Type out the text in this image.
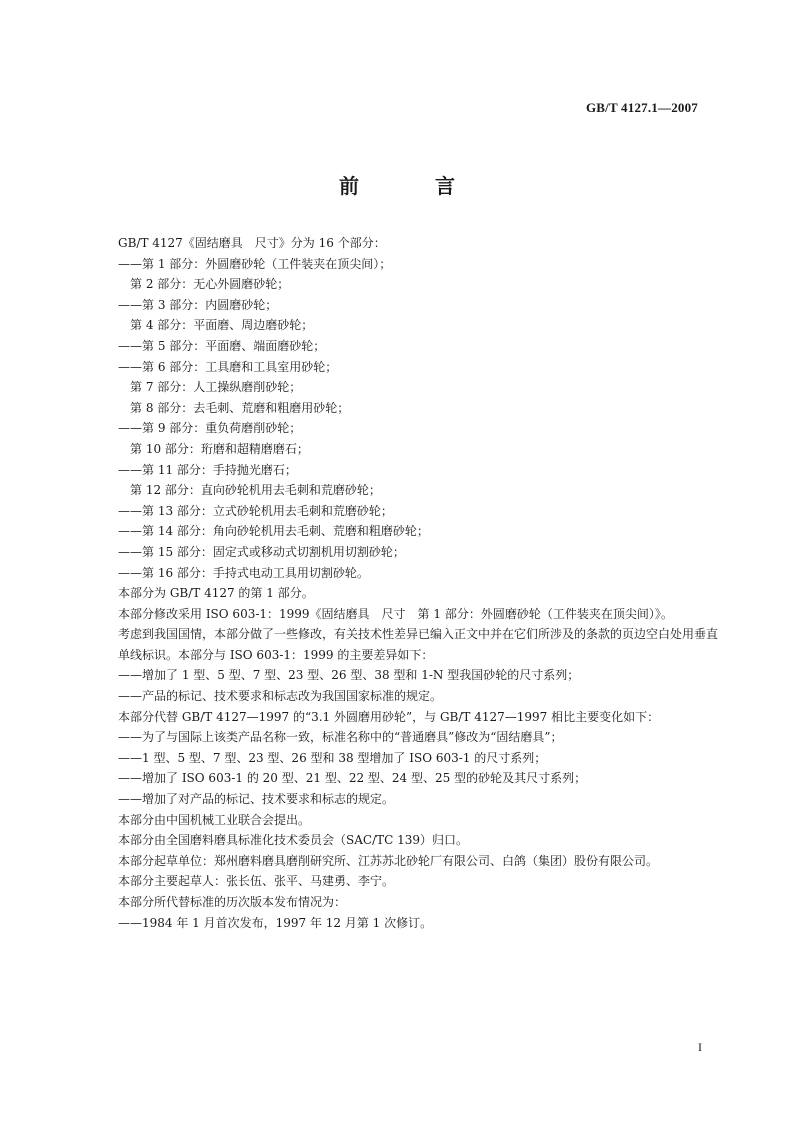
GB/T 4127.1—2007
前　言
GB/T 4127《固结磨具　尺寸》分为 16 个部分：
——第 1 部分：外圆磨砂轮（工件装夹在顶尖间）；
　第 2 部分：无心外圆磨砂轮；
——第 3 部分：内圆磨砂轮；
　第 4 部分：平面磨、周边磨砂轮；
——第 5 部分：平面磨、端面磨砂轮；
——第 6 部分：工具磨和工具室用砂轮；
　第 7 部分：人工操纵磨削砂轮；
　第 8 部分：去毛刺、荒磨和粗磨用砂轮；
——第 9 部分：重负荷磨削砂轮；
　第 10 部分：珩磨和超精磨磨石；
——第 11 部分：手持抛光磨石；
　第 12 部分：直向砂轮机用去毛刺和荒磨砂轮；
——第 13 部分：立式砂轮机用去毛刺和荒磨砂轮；
——第 14 部分：角向砂轮机用去毛刺、荒磨和粗磨砂轮；
——第 15 部分：固定式或移动式切割机用切割砂轮；
——第 16 部分：手持式电动工具用切割砂轮。
本部分为 GB/T 4127 的第 1 部分。
本部分修改采用 ISO 603-1：1999《固结磨具　尺寸　第 1 部分：外圆磨砂轮（工件装夹在顶尖间）》。
考虑到我国国情，本部分做了一些修改，有关技术性差异已编入正文中并在它们所涉及的条款的页边空白处用垂直单线标识。本部分与 ISO 603-1：1999 的主要差异如下：
——增加了 1 型、5 型、7 型、23 型、26 型、38 型和 1-N 型我国砂轮的尺寸系列；
——产品的标记、技术要求和标志改为我国国家标准的规定。
本部分代替 GB/T 4127—1997 的“3.1 外圆磨用砂轮”，与 GB/T 4127—1997 相比主要变化如下：
——为了与国际上该类产品名称一致，标准名称中的“普通磨具”修改为“固结磨具”；
——1 型、5 型、7 型、23 型、26 型和 38 型增加了 ISO 603-1 的尺寸系列；
——增加了 ISO 603-1 的 20 型、21 型、22 型、24 型、25 型的砂轮及其尺寸系列；
——增加了对产品的标记、技术要求和标志的规定。
本部分由中国机械工业联合会提出。
本部分由全国磨料磨具标准化技术委员会（SAC/TC 139）归口。
本部分起草单位：郑州磨料磨具磨削研究所、江苏苏北砂轮厂有限公司、白鸽（集团）股份有限公司。
本部分主要起草人：张长伍、张平、马建勇、李宁。
本部分所代替标准的历次版本发布情况为：
——1984 年 1 月首次发布，1997 年 12 月第 1 次修订。
I
